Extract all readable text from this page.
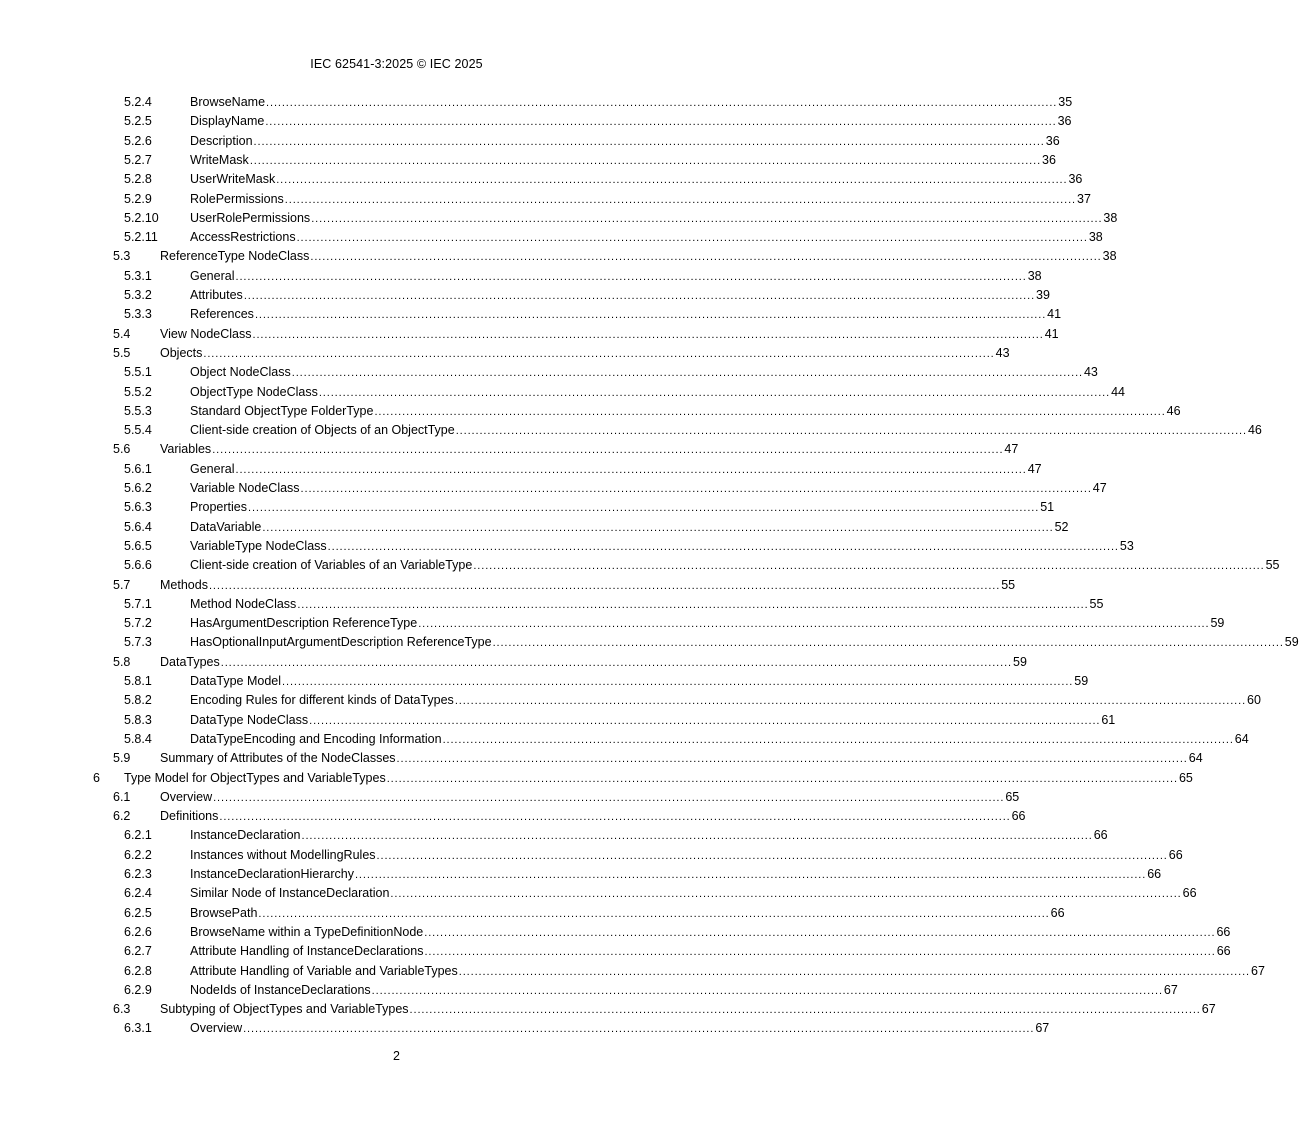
IEC 62541-3:2025 © IEC 2025
5.2.4	BrowseName ........................................................................................................................................................................................................ 35
5.2.5	DisplayName ........................................................................................................................................................................................................ 36
5.2.6	Description ........................................................................................................................................................................................................ 36
5.2.7	WriteMask ........................................................................................................................................................................................................ 36
5.2.8	UserWriteMask ........................................................................................................................................................................................................ 36
5.2.9	RolePermissions ........................................................................................................................................................................................................ 37
5.2.10 UserRolePermissions ........................................................................................................................................................................................................ 38
5.2.11	AccessRestrictions ........................................................................................................................................................................................................ 38
5.3 ReferenceType NodeClass ........................................................................................................................................................................................................ 38
5.3.1	General ........................................................................................................................................................................................................ 38
5.3.2	Attributes ........................................................................................................................................................................................................ 39
5.3.3	References ........................................................................................................................................................................................................ 41
5.4 View NodeClass ........................................................................................................................................................................................................ 41
5.5 Objects ........................................................................................................................................................................................................ 43
5.5.1	Object NodeClass ........................................................................................................................................................................................................ 43
5.5.2	ObjectType NodeClass ........................................................................................................................................................................................................ 44
5.5.3	Standard ObjectType FolderType ........................................................................................................................................................................................................ 46
5.5.4	Client-side creation of Objects of an ObjectType ........................................................................................................................................................................................................ 46
5.6 Variables ........................................................................................................................................................................................................ 47
5.6.1	General ........................................................................................................................................................................................................ 47
5.6.2	Variable NodeClass ........................................................................................................................................................................................................ 47
5.6.3	Properties ........................................................................................................................................................................................................ 51
5.6.4	DataVariable ........................................................................................................................................................................................................ 52
5.6.5	VariableType NodeClass ........................................................................................................................................................................................................ 53
5.6.6	Client-side creation of Variables of an VariableType ........................................................................................................................................................................................................ 55
5.7 Methods ........................................................................................................................................................................................................ 55
5.7.1	Method NodeClass ........................................................................................................................................................................................................ 55
5.7.2	HasArgumentDescription ReferenceType ........................................................................................................................................................................................................ 59
5.7.3	HasOptionalInputArgumentDescription ReferenceType ........................................................................................................................................................................................................ 59
5.8 DataTypes ........................................................................................................................................................................................................ 59
5.8.1	DataType Model ........................................................................................................................................................................................................ 59
5.8.2	Encoding Rules for different kinds of DataTypes ........................................................................................................................................................................................................ 60
5.8.3	DataType NodeClass ........................................................................................................................................................................................................ 61
5.8.4	DataTypeEncoding and Encoding Information ........................................................................................................................................................................................................ 64
5.9 Summary of Attributes of the NodeClasses ........................................................................................................................................................................................................ 64
6 Type Model for ObjectTypes and VariableTypes ........................................................................................................................................................................................................ 65
6.1 Overview ........................................................................................................................................................................................................ 65
6.2 Definitions ........................................................................................................................................................................................................ 66
6.2.1	InstanceDeclaration ........................................................................................................................................................................................................ 66
6.2.2	Instances without ModellingRules ........................................................................................................................................................................................................ 66
6.2.3	InstanceDeclarationHierarchy ........................................................................................................................................................................................................ 66
6.2.4	Similar Node of InstanceDeclaration ........................................................................................................................................................................................................ 66
6.2.5	BrowsePath ........................................................................................................................................................................................................ 66
6.2.6	BrowseName within a TypeDefinitionNode ........................................................................................................................................................................................................ 66
6.2.7	Attribute Handling of InstanceDeclarations ........................................................................................................................................................................................................ 66
6.2.8	Attribute Handling of Variable and VariableTypes ........................................................................................................................................................................................................ 67
6.2.9	NodeIds of InstanceDeclarations ........................................................................................................................................................................................................ 67
6.3 Subtyping of ObjectTypes and VariableTypes ........................................................................................................................................................................................................ 67
6.3.1	Overview ........................................................................................................................................................................................................ 67
2
